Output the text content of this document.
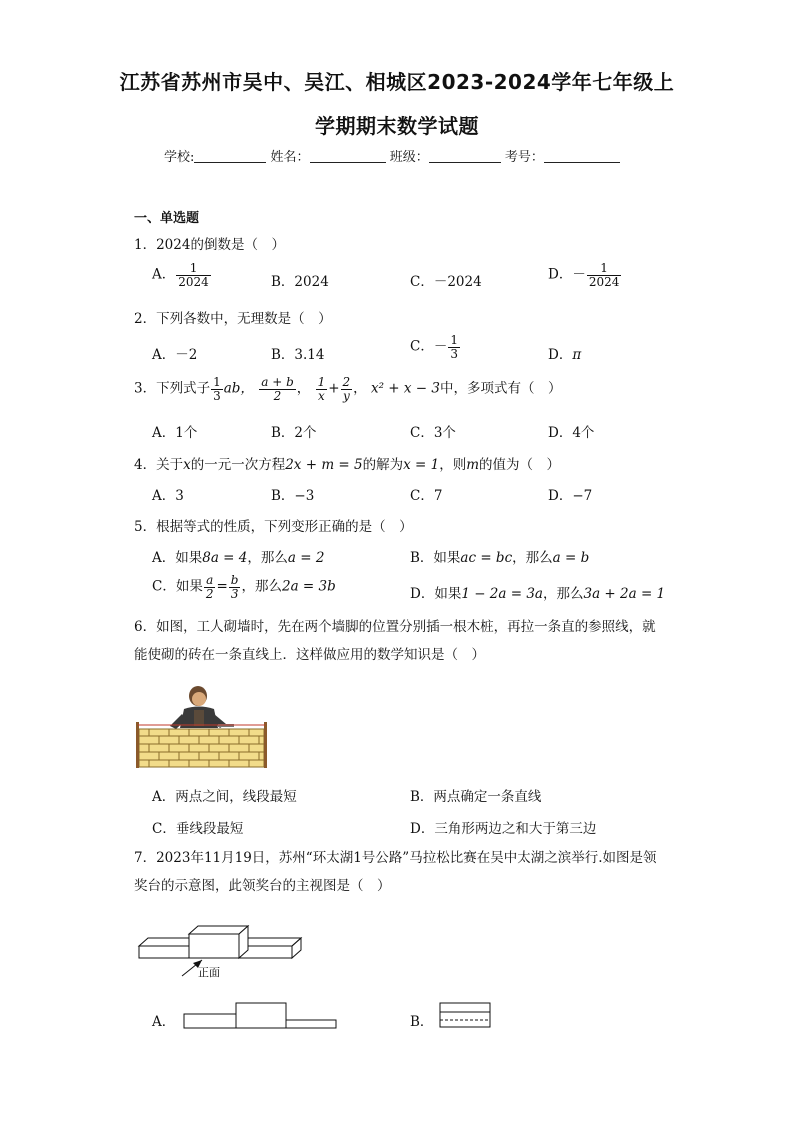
江苏省苏州市吴中、吴江、相城区2023-2024学年七年级上
学期期末数学试题
学校:	姓名：	班级：	考号：
一、单选题
1．2024的倒数是（　）
A． $\frac{1}{2024}$	B．2024	C．－2024	D．－ $\frac{1}{2024}$
2．下列各数中，无理数是（　）
A．－2	B．3.14
C．－ $\frac{1}{3}$	D．π
3．下列式子 $\frac{1}{3}$ ab， $\frac{a + b}{2}$ ， $\frac{1}{x} + \frac{2}{y}$ ， x² + x − 3中，多项式有（　）
A．1个	B．2个	C．3个	D．4个
4．关于x的一元一次方程2x + m = 5的解为x = 1，则m的值为（　）
A．3	B．−3	C．7	D．−7
5．根据等式的性质，下列变形正确的是（　）
A．如果8a = 4，那么a = 2	B．如果ac = bc，那么a = b
C．如果 $\frac{a}{2} = \frac{b}{3}$ ，那么2a = 3b	D．如果1 − 2a = 3a，那么3a + 2a = 1
6．如图，工人砌墙时，先在两个墙脚的位置分别插一根木桩，再拉一条直的参照线，就能使砌的砖在一条直线上．这样做应用的数学知识是（　）
A．两点之间，线段最短	B．两点确定一条直线
C．垂线段最短	D．三角形两边之和大于第三边
7．2023年11月19日，苏州“环太湖1号公路”马拉松比赛在吴中太湖之滨举行.如图是领奖台的示意图，此领奖台的主视图是（　）
正面
A．	B．
